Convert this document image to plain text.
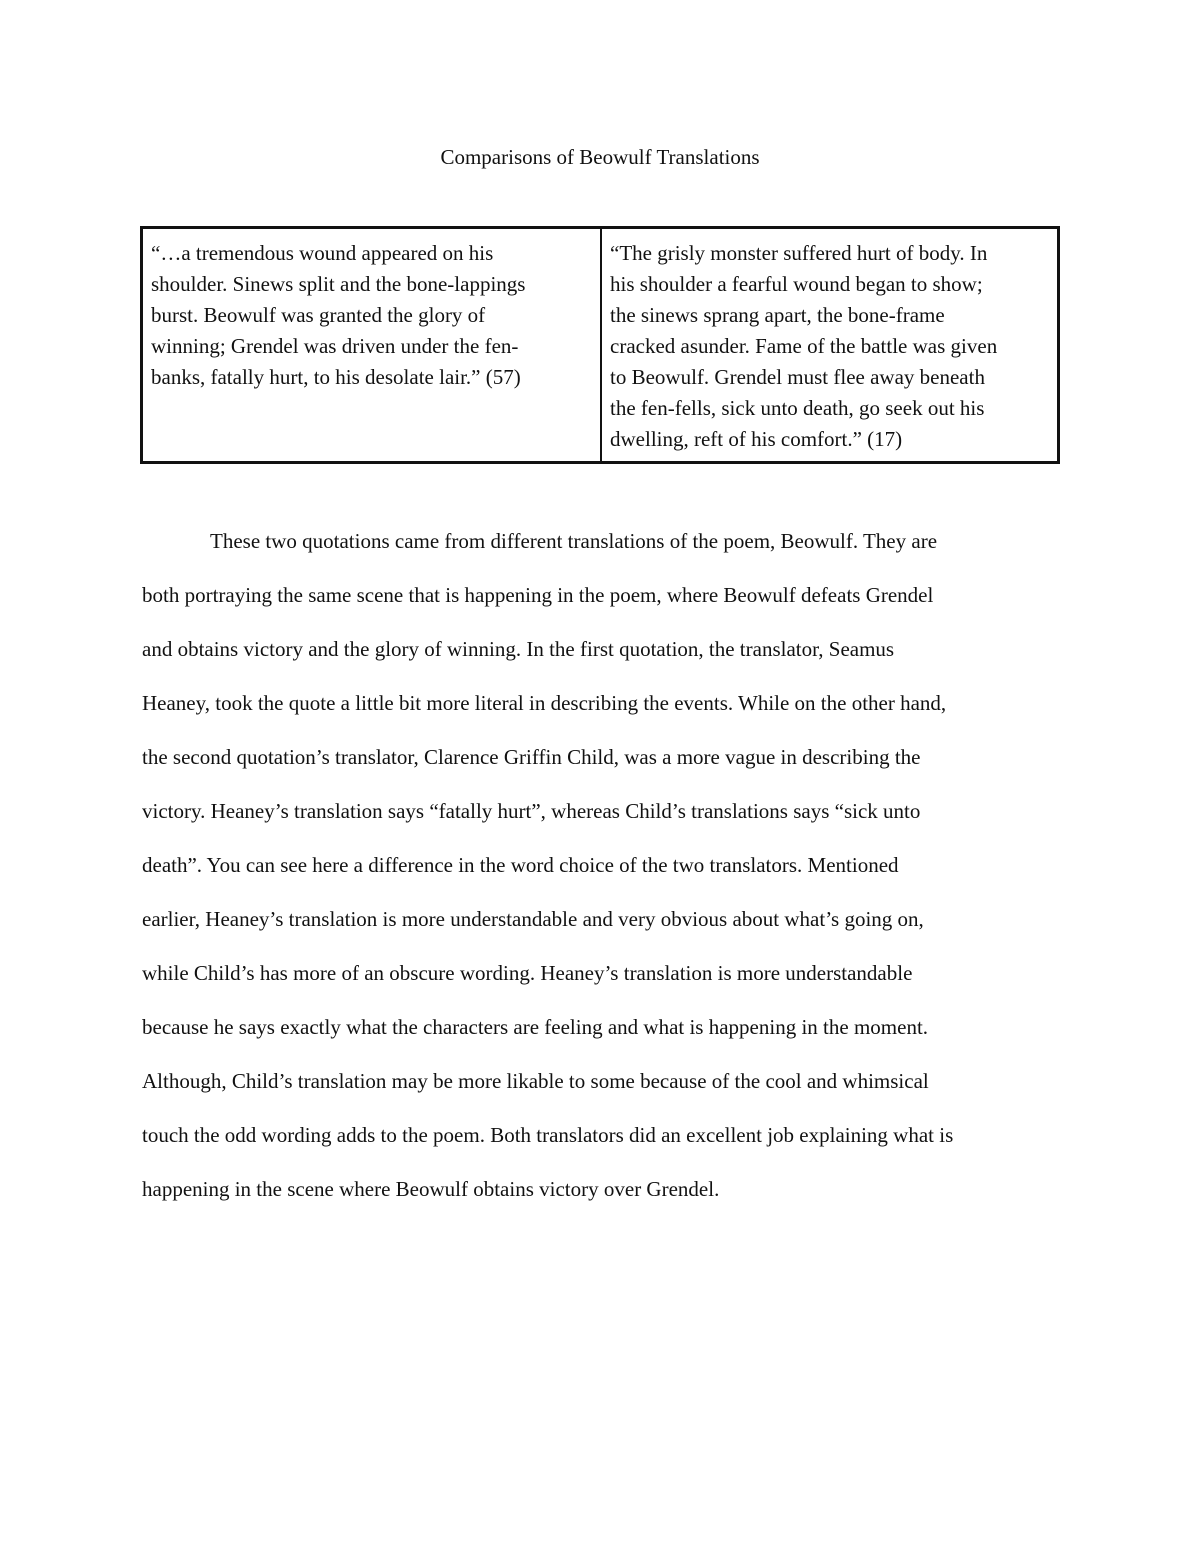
Comparisons of Beowulf Translations
“…a tremendous wound appeared on his
shoulder. Sinews split and the bone-lappings
burst. Beowulf was granted the glory of
winning; Grendel was driven under the fen-
banks, fatally hurt, to his desolate lair.” (57)
“The grisly monster suffered hurt of body. In
his shoulder a fearful wound began to show;
the sinews sprang apart, the bone-frame
cracked asunder. Fame of the battle was given
to Beowulf. Grendel must flee away beneath
the fen-fells, sick unto death, go seek out his
dwelling, reft of his comfort.” (17)

These two quotations came from different translations of the poem, Beowulf. They are
both portraying the same scene that is happening in the poem, where Beowulf defeats Grendel
and obtains victory and the glory of winning. In the first quotation, the translator, Seamus
Heaney, took the quote a little bit more literal in describing the events. While on the other hand,
the second quotation’s translator, Clarence Griffin Child, was a more vague in describing the
victory. Heaney’s translation says “fatally hurt”, whereas Child’s translations says “sick unto
death”. You can see here a difference in the word choice of the two translators. Mentioned
earlier, Heaney’s translation is more understandable and very obvious about what’s going on,
while Child’s has more of an obscure wording. Heaney’s translation is more understandable
because he says exactly what the characters are feeling and what is happening in the moment.
Although, Child’s translation may be more likable to some because of the cool and whimsical
touch the odd wording adds to the poem. Both translators did an excellent job explaining what is
happening in the scene where Beowulf obtains victory over Grendel.
